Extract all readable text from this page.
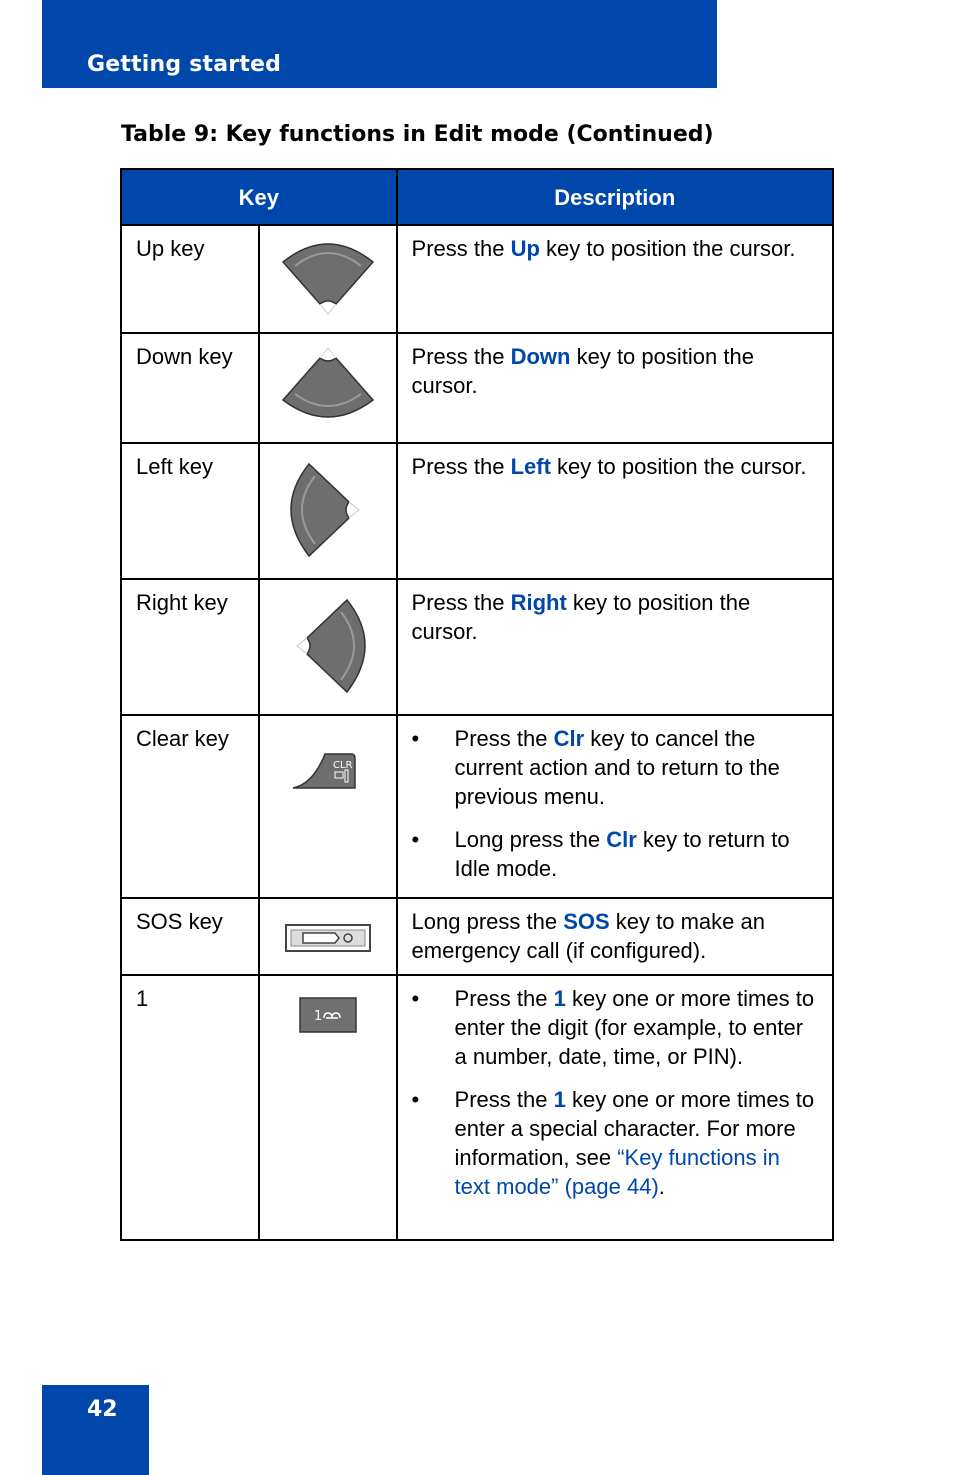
Getting started
Table 9: Key functions in Edit mode (Continued)
Key		Description
Up key		Press the Up key to position the cursor.
Down key		Press the Down key to position the cursor.
Left key		Press the Left key to position the cursor.
Right key		Press the Right key to position the cursor.
Clear key	CLR	• Press the Clr key to cancel the current action and to return to the previous menu.
• Long press the Clr key to return to Idle mode.

SOS key		Long press the SOS key to make an emergency call (if configured).
1	1	• Press the 1 key one or more times to enter the digit (for example, to enter a number, date, time, or PIN).
• Press the 1 key one or more times to enter a special character. For more information, see “Key functions in text mode” (page 44).
42
